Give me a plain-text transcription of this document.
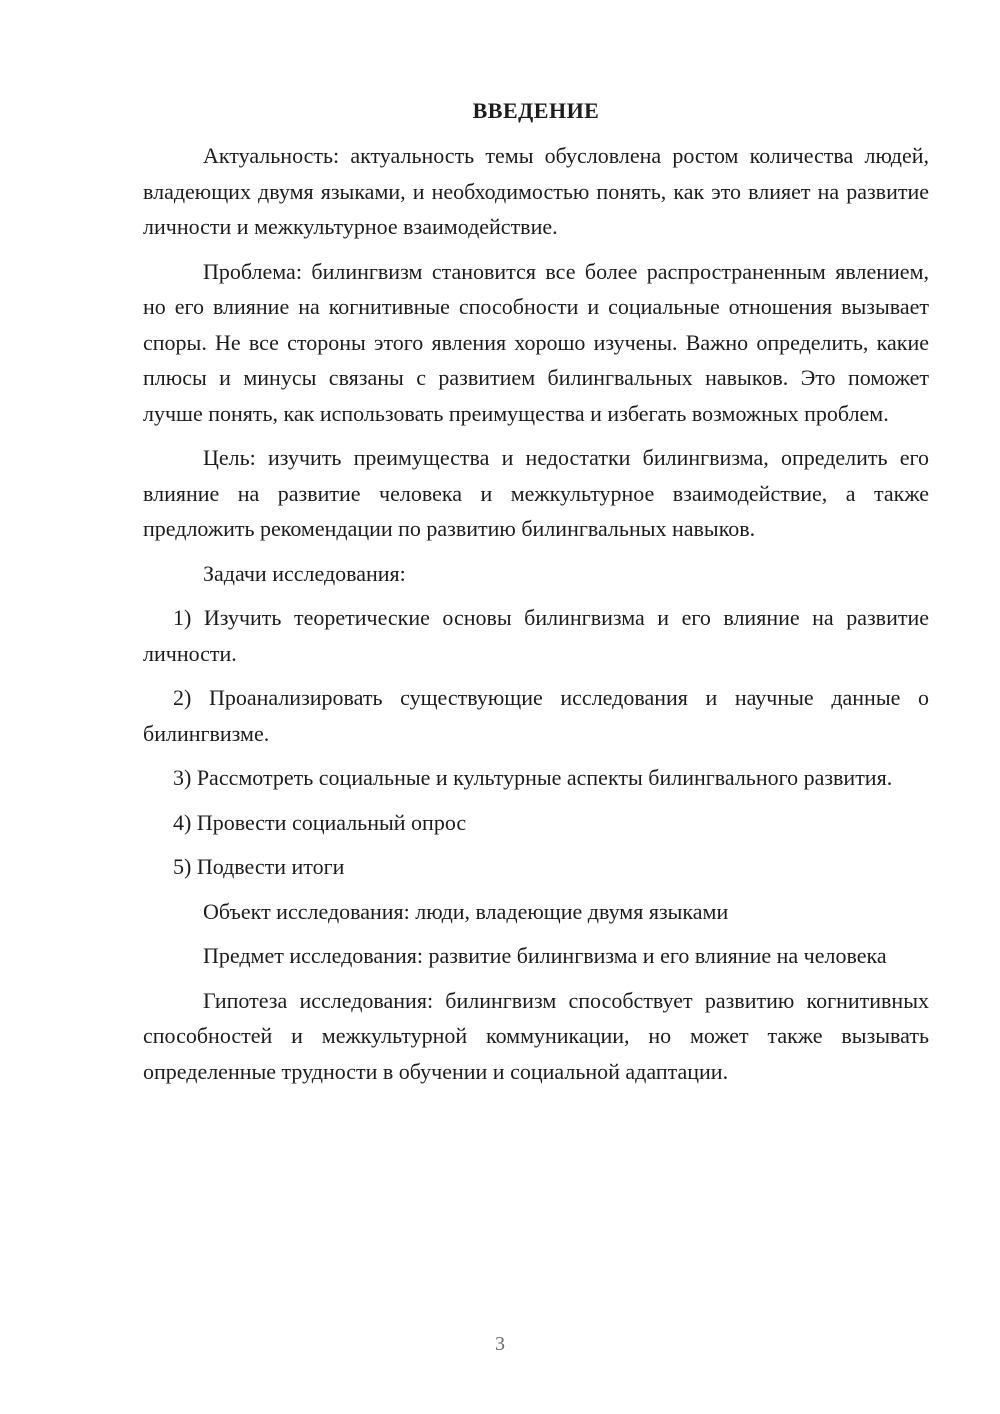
ВВЕДЕНИЕ

Актуальность: актуальность темы обусловлена ростом количества людей, владеющих двумя языками, и необходимостью понять, как это влияет на развитие личности и межкультурное взаимодействие.

Проблема: билингвизм становится все более распространенным явлением, но его влияние на когнитивные способности и социальные отношения вызывает споры. Не все стороны этого явления хорошо изучены. Важно определить, какие плюсы и минусы связаны с развитием билингвальных навыков. Это поможет лучше понять, как использовать преимущества и избегать возможных проблем.

Цель: изучить преимущества и недостатки билингвизма, определить его влияние на развитие человека и межкультурное взаимодействие, а также предложить рекомендации по развитию билингвальных навыков.

Задачи исследования:

1) Изучить теоретические основы билингвизма и его влияние на развитие личности.

2) Проанализировать существующие исследования и научные данные о билингвизме.

3) Рассмотреть социальные и культурные аспекты билингвального развития.

4) Провести социальный опрос

5) Подвести итоги

Объект исследования: люди, владеющие двумя языками

Предмет исследования: развитие билингвизма и его влияние на человека

Гипотеза исследования: билингвизм способствует развитию когнитивных способностей и межкультурной коммуникации, но может также вызывать определенные трудности в обучении и социальной адаптации.

3
